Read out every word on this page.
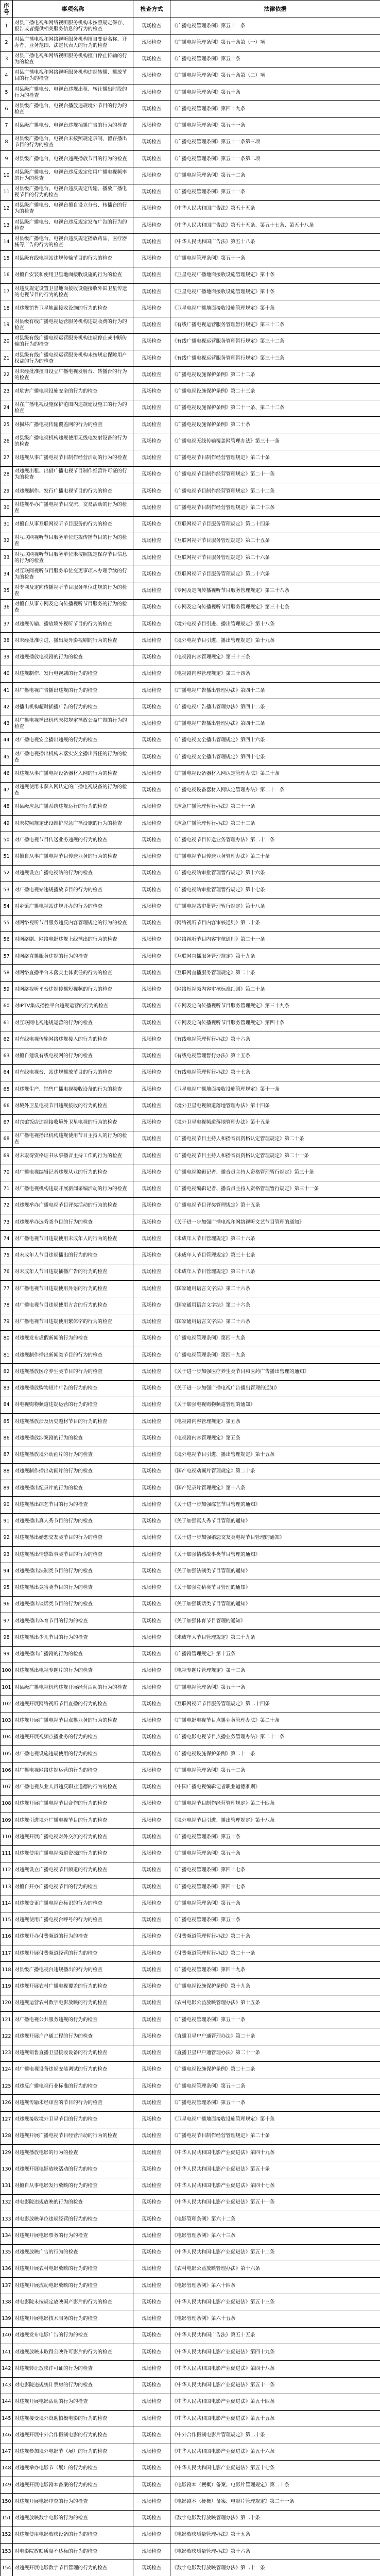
序号	事项名称	检查方式	法律依据
1	对县广播电视和网络视听服务机构未按照规定保存、报告或者提供相关服务信息的行为的检查	现场检查	《广播电视管理条例》第五十一条
2	对县广播电视和网络视听服务机构擅自变更名称、开办者、业务范围、法定代表人的行为的检查	现场检查	《广播电视管理条例》第五十条第（一）项
3	对县广播电视和网络视听服务机构擅自停止传输的行为的检查	现场检查	《广播电视管理条例》第五十条
4	对县广播电视和网络视听服务机构违规转播、播放节目的行为的检查	现场检查	《广播电视管理条例》第五十条第（二）项
5	对县级广播电台、电视台违规出租、转让播出时段的行为的检查	现场检查	《广播电视管理条例》第五十条
6	对县级广播电台、电视台播放违规境外节目的行为的检查	现场检查	《广播电视管理条例》第四十九条
7	对县级广播电台、电视台违规插播广告的行为的检查	现场检查	《广播电视管理条例》第五十一条
8	对县级广播电台、电视台未按照规定录制、留存播出节目的行为的检查	现场检查	《广播电视管理条例》第五十一条第三项
9	对县级广播电台、电视台违规播放节目的行为的检查	现场检查	《广播电视管理条例》第五十一条第二项
10	对县级广播电台、电视台违反规定使用广播电视频率的行为的检查	现场检查	《广播电视管理条例》第五十二条
11	对县级广播电台、电视台违反规定传输、播放广播电视节目的行为的检查	现场检查	《广播电视管理条例》第五十一条
12	对县级广播电台、电视台擅自设立分台、转播台的行为的检查	现场检查	《中华人民共和国广告法》第五十五条
13	对县级广播电台、电视台违反规定发布广告的行为的检查	现场检查	《中华人民共和国广告法》第五十五条、第五十七条、第五十八条
14	对县级广播电台、电视台违反规定播放药品、医疗器械等广告的行为的检查	现场检查	《中华人民共和国广告法》第五十八条
15	对县级有线电视站违规传输节目的行为的检查	现场检查	《广播电视管理条例》第五十一条
16	对擅自安装和使用卫星地面接收设施的行为的检查	现场检查	《卫星电视广播地面接收设施管理规定》第十条
17	对违反规定设置卫星地面接收设施接收外国卫星传送的电视节目的行为的检查	现场检查	《卫星电视广播地面接收设施管理规定》第十条
18	对违规销售卫星地面接收设施的行为的检查	现场检查	《卫星电视广播地面接收设施管理规定》第十条
19	对县级有线广播电视运营服务机构违规收费的行为的检查	现场检查	《有线广播电视运营服务管理暂行规定》第三十二条
20	对县级有线广播电视运营服务机构违规停止或中断传输的行为的检查	现场检查	《有线广播电视运营服务管理暂行规定》第三十二条
21	对县级有线广播电视运营服务机构未按规定保障用户权益的行为的检查	现场检查	《有线广播电视运营服务管理暂行规定》第三十三条
22	对未经批准擅自设立广播电视发射台、转播台的行为的检查	现场检查	《广播电视设施保护条例》第二十二条
23	对危害广播电视设施安全的行为的检查	现场检查	《广播电视设施保护条例》第二十三条
24	对在广播电视设施保护范围内违规建设施工的行为的检查	现场检查	《广播电视设施保护条例》第二十一条、第二十二条
25	对损坏广播电视传输覆盖网的行为的检查	现场检查	《广播电视设施保护条例》第二十条
26	对县级广播电视机构违规使用无线电发射设备的行为的检查	现场检查	《广播电视无线传输覆盖网管理办法》第三十一条
27	对违规从事广播电视节目制作经营活动的行为的检查	现场检查	《广播电视节目制作经营管理规定》第二十条
28	对违规出租、出借广播电视节目制作经营许可证的行为的检查	现场检查	《广播电视节目制作经营管理规定》第二十一条
29	对违规制作、发行广播电视节目的行为的检查	现场检查	《广播电视节目制作经营管理规定》第二十二条
30	对违规举办广播电视节目交流、交易活动的行为的检查	现场检查	《广播电视节目制作经营管理规定》第二十三条
31	对擅自从事互联网视听节目服务的行为的检查	现场检查	《互联网视听节目服务管理规定》第二十四条
32	对互联网视听节目服务单位违规传播节目的行为的检查	现场检查	《互联网视听节目服务管理规定》第二十五条
33	对互联网视听节目服务单位未按照规定保存节目信息的行为的检查	现场检查	《互联网视听节目服务管理规定》第二十六条
34	对互联网视听节目服务单位变更事项未办理手续的行为的检查	现场检查	《互联网视听节目服务管理规定》第二十六条
35	对专网及定向传播视听节目服务单位违规的行为的检查	现场检查	《专网及定向传播视听节目服务管理规定》第三十八条
36	对擅自从事专网及定向传播视听节目服务的行为的检查	现场检查	《专网及定向传播视听节目服务管理规定》第三十七条
37	对违规传输、播放境外视听节目的行为的检查	现场检查	《境外电视节目引进、播出管理规定》第十八条
38	对未经批准引进、播出境外影视剧的行为的检查	现场检查	《境外电视节目引进、播出管理规定》第十九条
39	对违规播放电视剧的行为的检查	现场检查	《电视剧内容管理规定》第三十三条
40	对违规制作、发行电视剧的行为的检查	现场检查	《电视剧内容管理规定》第三十四条
41	对广播电视广告播出违规的行为的检查	现场检查	《广播电视广告播出管理办法》第四十二条
42	对播出机构超时插播广告的行为的检查	现场检查	《广播电视广告播出管理办法》第四十二条
43	对广播电视播出机构未按规定播放公益广告的行为的检查	现场检查	《广播电视广告播出管理办法》第四十三条
44	对广播电视安全播出违规的行为的检查	现场检查	《广播电视安全播出管理规定》第四十六条
45	对广播电视播出机构未落实安全播出责任的行为的检查	现场检查	《广播电视安全播出管理规定》第四十七条
46	对违规从事广播电视设备器材入网的行为的检查	现场检查	《广播电视设备器材入网认定管理办法》第二十条
47	对违规使用未获入网认定的广播电视设备的行为的检查	现场检查	《广播电视设备器材入网认定管理办法》第二十一条
48	对县级应急广播系统违规运行的行为的检查	现场检查	《应急广播管理暂行办法》第二十一条
49	对未按照规定建设维护应急广播设施的行为的检查	现场检查	《应急广播管理暂行办法》第二十二条
50	对广播电视节目传送业务违规的行为的检查	现场检查	《广播电视节目传送业务管理办法》第二十一条
51	对擅自从事广播电视节目传送业务的行为的检查	现场检查	《广播电视节目传送业务管理办法》第二十条
52	对违规设立广播电视站的行为的检查	现场检查	《广播电视站审批管理暂行规定》第十六条
53	对广播电视站违规播放节目的行为的检查	现场检查	《广播电视站审批管理暂行规定》第十七条
54	对乡镇广播电视站违规开办的行为的检查	现场检查	《广播电视站审批管理暂行规定》第十八条
55	对网络视听节目服务违反内容管理规定的行为的检查	现场检查	《网络视听节目内容审核通则》第二十条
56	对网络剧、网络电影违规上线播出的行为的检查	现场检查	《网络视听节目内容审核通则》第二十一条
57	对网络直播服务违规的行为的检查	现场检查	《互联网直播服务管理规定》第十九条
58	对网络直播平台未落实主体责任的行为的检查	现场检查	《互联网直播服务管理规定》第二十条
59	对网络视听平台违规传播短视频的行为的检查	现场检查	《网络短视频内容审核标准细则》第二十条
60	对IPTV集成播控平台违规运营的行为的检查	现场检查	《专网及定向传播视听节目服务管理规定》第三十九条
61	对互联网电视违规运营的行为的检查	现场检查	《专网及定向传播视听节目服务管理规定》第四十条
62	对有线电视传输网络违规接入的行为的检查	现场检查	《有线电视管理暂行办法》第十六条
63	对擅自建设有线电视网的行为的检查	现场检查	《有线电视管理暂行办法》第十五条
64	对有线电视台、站违规播放节目的行为的检查	现场检查	《有线电视管理暂行办法》第十七条
65	对违规生产、销售广播电视接收设备的行为的检查	现场检查	《卫星电视广播地面接收设施管理规定》第十一条
66	对境外卫星电视节目违规接收的行为的检查	现场检查	《境外卫星电视频道落地管理办法》第十四条
67	对宾馆饭店违规接收境外卫星电视的行为的检查	现场检查	《境外卫星电视频道落地管理办法》第十五条
68	对广播电视播出机构违规使用节目主持人的行为的检查	现场检查	《广播电视节目主持人和播音员资格认定管理规定》第二十条
69	对未取得资格证书从事播音主持工作的行为的检查	现场检查	《广播电视节目主持人和播音员资格认定管理规定》第二十一条
70	对广播电视编辑记者违规从业的行为的检查	现场检查	《广播电视编辑记者、播音员主持人资格管理暂行规定》第三十条
71	对广播电视机构违规开展新闻采编活动的行为的检查	现场检查	《广播电视编辑记者、播音员主持人资格管理暂行规定》第三十一条
72	对违规举办广播电视节目评奖活动的行为的检查	现场检查	《广播电视节目评奖管理规定》第十五条
73	对违规举办选秀类节目的行为的检查	现场检查	《关于进一步加强广播电视和网络视听文艺节目管理的通知》
74	对广播电视节目违规使用未成年人的行为的检查	现场检查	《未成年人节目管理规定》第三十六条
75	对未成年人节目违规播出的行为的检查	现场检查	《未成年人节目管理规定》第三十七条
76	对未成年人节目违规插播广告的行为的检查	现场检查	《未成年人节目管理规定》第三十八条
77	对广播电视节目违规使用外语的行为的检查	现场检查	《国家通用语言文字法》第二十六条
78	对广播电视节目违规使用方言的行为的检查	现场检查	《国家通用语言文字法》第二十六条
79	对广播电视节目违规使用繁体字的行为的检查	现场检查	《国家通用语言文字法》第二十六条
80	对违规发布虚假新闻的行为的检查	现场检查	《广播电视管理条例》第四十九条
81	对违规制作播出新闻类节目的行为的检查	现场检查	《广播电视管理条例》第四十九条
82	对违规播放医疗养生类节目的行为的检查	现场检查	《关于进一步加强医疗养生类节目和医药广告播出管理的通知》
83	对违规播放购物短片广告的行为的检查	现场检查	《关于进一步加强广播电视广告播出管理的通知》
84	对电视购物频道违规运营的行为的检查	现场检查	《关于加强电视购物频道管理的通知》
85	对违规播放涉及历史题材节目的行为的检查	现场检查	《电视剧内容管理规定》第五条
86	对违规播放涉案剧的行为的检查	现场检查	《电视剧内容管理规定》第五条
87	对违规播放境外动画片的行为的检查	现场检查	《境外电视节目引进、播出管理规定》第十五条
88	对违规制作播出动画片的行为的检查	现场检查	《国产电视动画片管理规定》第二十条
89	对违规播出纪录片的行为的检查	现场检查	《国产纪录片管理规定》第十八条
90	对违规播出综艺节目的行为的检查	现场检查	《关于进一步加强综艺节目管理的通知》
91	对违规播出真人秀节目的行为的检查	现场检查	《关于加强真人秀节目管理的通知》
92	对违规播出婚恋交友类节目的行为的检查	现场检查	《关于进一步加强婚恋交友类电视节目管理的通知》
93	对违规播出情感故事类节目的行为的检查	现场检查	《关于加强情感故事类节目管理的通知》
94	对违规播出法制类节目的行为的检查	现场检查	《关于加强法制类节目管理的通知》
95	对违规播出竞猜类节目的行为的检查	现场检查	《关于加强竞猜类节目管理的通知》
96	对违规播出谈话类节目的行为的检查	现场检查	《关于加强谈话类节目管理的通知》
97	对违规播出体育节目的行为的检查	现场检查	《关于加强体育节目管理的通知》
98	对违规播出少儿节目的行为的检查	现场检查	《未成年人节目管理规定》第三十九条
99	对违规播出广播剧的行为的检查	现场检查	《广播剧管理规定》第十五条
100	对违规播出电视专题片的行为的检查	现场检查	《电视专题片管理规定》第十二条
101	对县级广播电视机构违规开展经营活动的行为的检查	现场检查	《广播电视管理条例》第五十一条
102	对违规开展网络视听节目直播的行为的检查	现场检查	《互联网视听节目服务管理规定》第二十四条
103	对违规开展广播电视节目点播业务的行为的检查	现场检查	《广播电影电视节目点播业务管理办法》第二十条
104	对违规开展视频点播业务的行为的检查	现场检查	《广播电影电视节目点播业务管理办法》第二十一条
105	对广播电视设施违规使用的行为的检查	现场检查	《广播电视设施保护条例》第二十一条
106	对广播电视网络违规运营的行为的检查	现场检查	《广播电视管理条例》第五十二条
107	对广播电视从业人员违反职业道德的行为的检查	现场检查	《中国广播电视编辑记者职业道德准则》
108	对违规开展广播电视节目合作的行为的检查	现场检查	《广播电视节目制作经营管理规定》第二十四条
109	对违规引进境外广播电视节目的行为的检查	现场检查	《境外电视节目引进、播出管理规定》第十八条
110	对违规开展广播电视对外交流的行为的检查	现场检查	《广播电视管理条例》第五十条
111	对违规使用广播电视频道资源的行为的检查	现场检查	《广播电视管理条例》第五十条
112	对违规设立广播电视节目频道的行为的检查	现场检查	《广播电视管理条例》第四十七条
113	对擅自开办广播电视节目的行为的检查	现场检查	《广播电视管理条例》第四十七条
114	对违规变更广播电视台标识的行为的检查	现场检查	《广播电视管理条例》第五十条
115	对违规使用广播电视台呼号的行为的检查	现场检查	《广播电视管理条例》第五十条
116	对违规开办付费频道的行为的检查	现场检查	《付费频道管理暂行办法》第二十条
117	对违规开展付费频道经营的行为的检查	现场检查	《付费频道管理暂行办法》第二十一条
118	对县级广播电视台违规播出的行为的检查	现场检查	《广播电视管理条例》第四十九条
119	对违规开展农村广播电视覆盖的行为的检查	现场检查	《广播电视设施保护条例》第十九条
120	对违规运营农村数字电影放映的行为的检查	现场检查	《农村电影公益放映管理办法》第十五条
121	对广播电视公共服务违规的行为的检查	现场检查	《广播电视管理条例》第五十一条
122	对违规开展户户通工程的行为的检查	现场检查	《直播卫星户户通管理办法》第二十条
123	对违规销售直播卫星接收设备的行为的检查	现场检查	《直播卫星户户通管理办法》第二十一条
124	对广播电视设备违规安装调试的行为的检查	现场检查	《广播电视设施保护条例》第二十二条
125	对违反广播电视行业标准的行为的检查	现场检查	《广播电视管理条例》第五十二条
126	对违规传输未经审查的节目的行为的检查	现场检查	《广播电视管理条例》第五十一条
127	对违规接收境外卫星节目的行为的检查	现场检查	《卫星电视广播地面接收设施管理规定》第十条
128	对违规开展广播电视节目经营活动的行为的检查	现场检查	《广播电视节目制作经营管理规定》第二十条
129	对违规播放电影的行为的检查	现场检查	《中华人民共和国电影产业促进法》第四十九条
130	对违规开展电影放映活动的行为的检查	现场检查	《中华人民共和国电影产业促进法》第五十条
131	对擅自从事电影发行放映的行为的检查	现场检查	《中华人民共和国电影产业促进法》第四十七条
132	对电影院违规放映的行为的检查	现场检查	《中华人民共和国电影产业促进法》第五十一条
133	对电影放映单位违规经营的行为的检查	现场检查	《电影管理条例》第六十二条
134	对违规开展电影票务的行为的检查	现场检查	《电影管理条例》第六十三条
135	对违规放映广告的行为的检查	现场检查	《中华人民共和国电影产业促进法》第五十二条
136	对违规开展农村电影放映的行为的检查	现场检查	《农村电影公益放映管理办法》第十六条
137	对违规开展流动电影放映的行为的检查	现场检查	《电影管理条例》第六十四条
138	对电影院未按规定放映国产影片的行为的检查	现场检查	《中华人民共和国电影产业促进法》第五十三条
139	对违规开展电影技术服务的行为的检查	现场检查	《电影管理条例》第六十五条
140	对违规发布电影广告的行为的检查	现场检查	《中华人民共和国广告法》第五十五条
141	对违规放映未取得公映许可影片的行为的检查	现场检查	《中华人民共和国电影产业促进法》第四十九条
142	对违规转让放映许可证的行为的检查	现场检查	《中华人民共和国电影产业促进法》第四十八条
143	对电影院违规统计票房的行为的检查	现场检查	《中华人民共和国电影产业促进法》第五十一条
144	对违规开展电影活动的行为的检查	现场检查	《中华人民共和国电影产业促进法》第五十四条
145	对违规接受境外资助拍摄电影的行为的检查	现场检查	《中华人民共和国电影产业促进法》第五十五条
146	对违规开展中外合作摄制电影的行为的检查	现场检查	《中外合作摄制电影片管理规定》第二十条
147	对违规参加境外电影节（展）的行为的检查	现场检查	《中华人民共和国电影产业促进法》第五十六条
148	对违规举办电影节（展）的行为的检查	现场检查	《中华人民共和国电影产业促进法》第五十七条
149	对违规开展电影剧本备案的行为的检查	现场检查	《电影剧本（梗概）备案、电影片管理规定》第二十条
150	对违规开展电影审查的行为的检查	现场检查	《电影剧本（梗概）备案、电影片管理规定》第二十一条
151	对违规放映数字电影的行为的检查	现场检查	《数字电影发行放映管理办法》第二十条
152	对违规使用电影放映设备的行为的检查	现场检查	《电影放映质量管理办法》第十五条
153	对电影院放映质量不达标的行为的检查	现场检查	《电影放映质量管理办法》第十六条
154	对违规开展电影数字节目管理的行为的检查	现场检查	《数字电影发行放映管理办法》第二十一条
